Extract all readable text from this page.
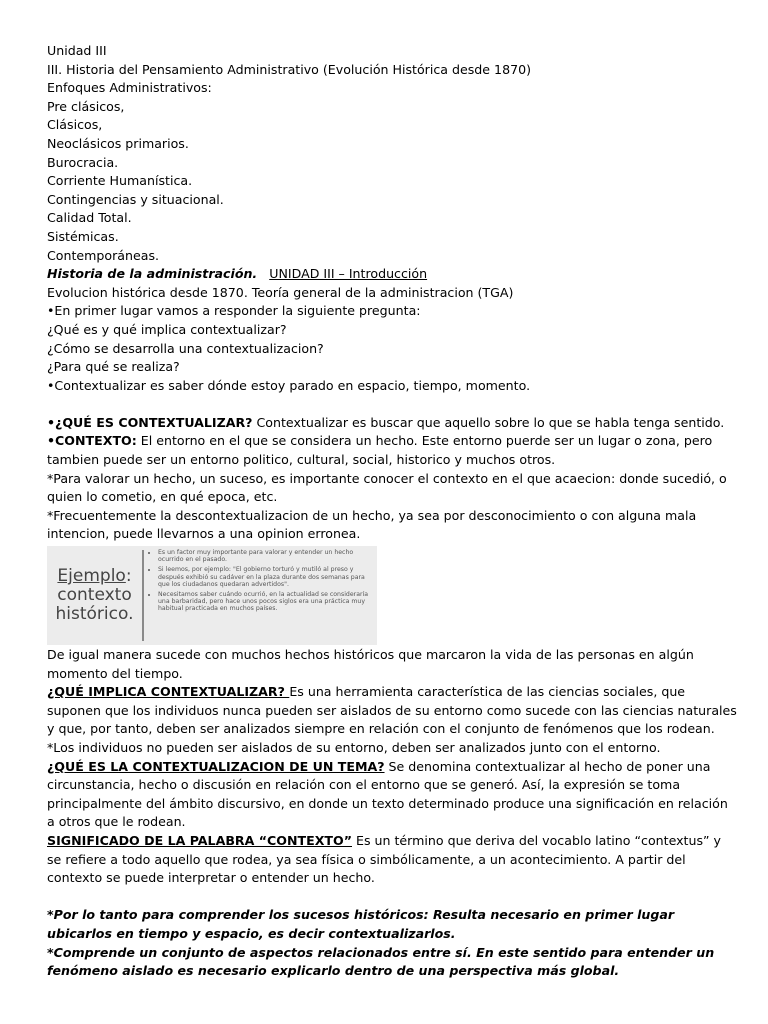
Unidad III
III. Historia del Pensamiento Administrativo (Evolución Histórica desde 1870)
Enfoques Administrativos:
Pre clásicos,
Clásicos,
Neoclásicos primarios.
Burocracia.
Corriente Humanística.
Contingencias y situacional.
Calidad Total.
Sistémicas.
Contemporáneas.
Historia de la administración. UNIDAD III – Introducción
Evolucion histórica desde 1870. Teoría general de la administracion (TGA)
•En primer lugar vamos a responder la siguiente pregunta:
¿Qué es y qué implica contextualizar?
¿Cómo se desarrolla una contextualizacion?
¿Para qué se realiza?
•Contextualizar es saber dónde estoy parado en espacio, tiempo, momento.
•¿QUÉ ES CONTEXTUALIZAR? Contextualizar es buscar que aquello sobre lo que se habla tenga sentido.
•CONTEXTO: El entorno en el que se considera un hecho. Este entorno puerde ser un lugar o zona, pero tambien puede ser un entorno politico, cultural, social, historico y muchos otros.
*Para valorar un hecho, un suceso, es importante conocer el contexto en el que acaecion: donde sucedió, o quien lo cometio, en qué epoca, etc.
*Frecuentemente la descontextualizacion de un hecho, ya sea por desconocimiento o con alguna mala intencion, puede llevarnos a una opinion erronea.
Ejemplo:
contexto
histórico.
• Es un factor muy importante para valorar y entender un hecho ocurrido en el pasado.
• Si leemos, por ejemplo: "El gobierno torturó y mutiló al preso y después exhibió su cadáver en la plaza durante dos semanas para que los ciudadanos quedaran advertidos".
• Necesitamos saber cuándo ocurrió, en la actualidad se consideraría una barbaridad, pero hace unos pocos siglos era una práctica muy habitual practicada en muchos países.
De igual manera sucede con muchos hechos históricos que marcaron la vida de las personas en algún momento del tiempo.
¿QUÉ IMPLICA CONTEXTUALIZAR? Es una herramienta característica de las ciencias sociales, que suponen que los individuos nunca pueden ser aislados de su entorno como sucede con las ciencias naturales y que, por tanto, deben ser analizados siempre en relación con el conjunto de fenómenos que los rodean.
*Los individuos no pueden ser aislados de su entorno, deben ser analizados junto con el entorno.
¿QUÉ ES LA CONTEXTUALIZACION DE UN TEMA? Se denomina contextualizar al hecho de poner una circunstancia, hecho o discusión en relación con el entorno que se generó. Así, la expresión se toma principalmente del ámbito discursivo, en donde un texto determinado produce una significación en relación a otros que le rodean.
SIGNIFICADO DE LA PALABRA “CONTEXTO” Es un término que deriva del vocablo latino “contextus” y se refiere a todo aquello que rodea, ya sea física o simbólicamente, a un acontecimiento. A partir del contexto se puede interpretar o entender un hecho.
*Por lo tanto para comprender los sucesos históricos: Resulta necesario en primer lugar ubicarlos en tiempo y espacio, es decir contextualizarlos.
*Comprende un conjunto de aspectos relacionados entre sí. En este sentido para entender un fenómeno aislado es necesario explicarlo dentro de una perspectiva más global.
